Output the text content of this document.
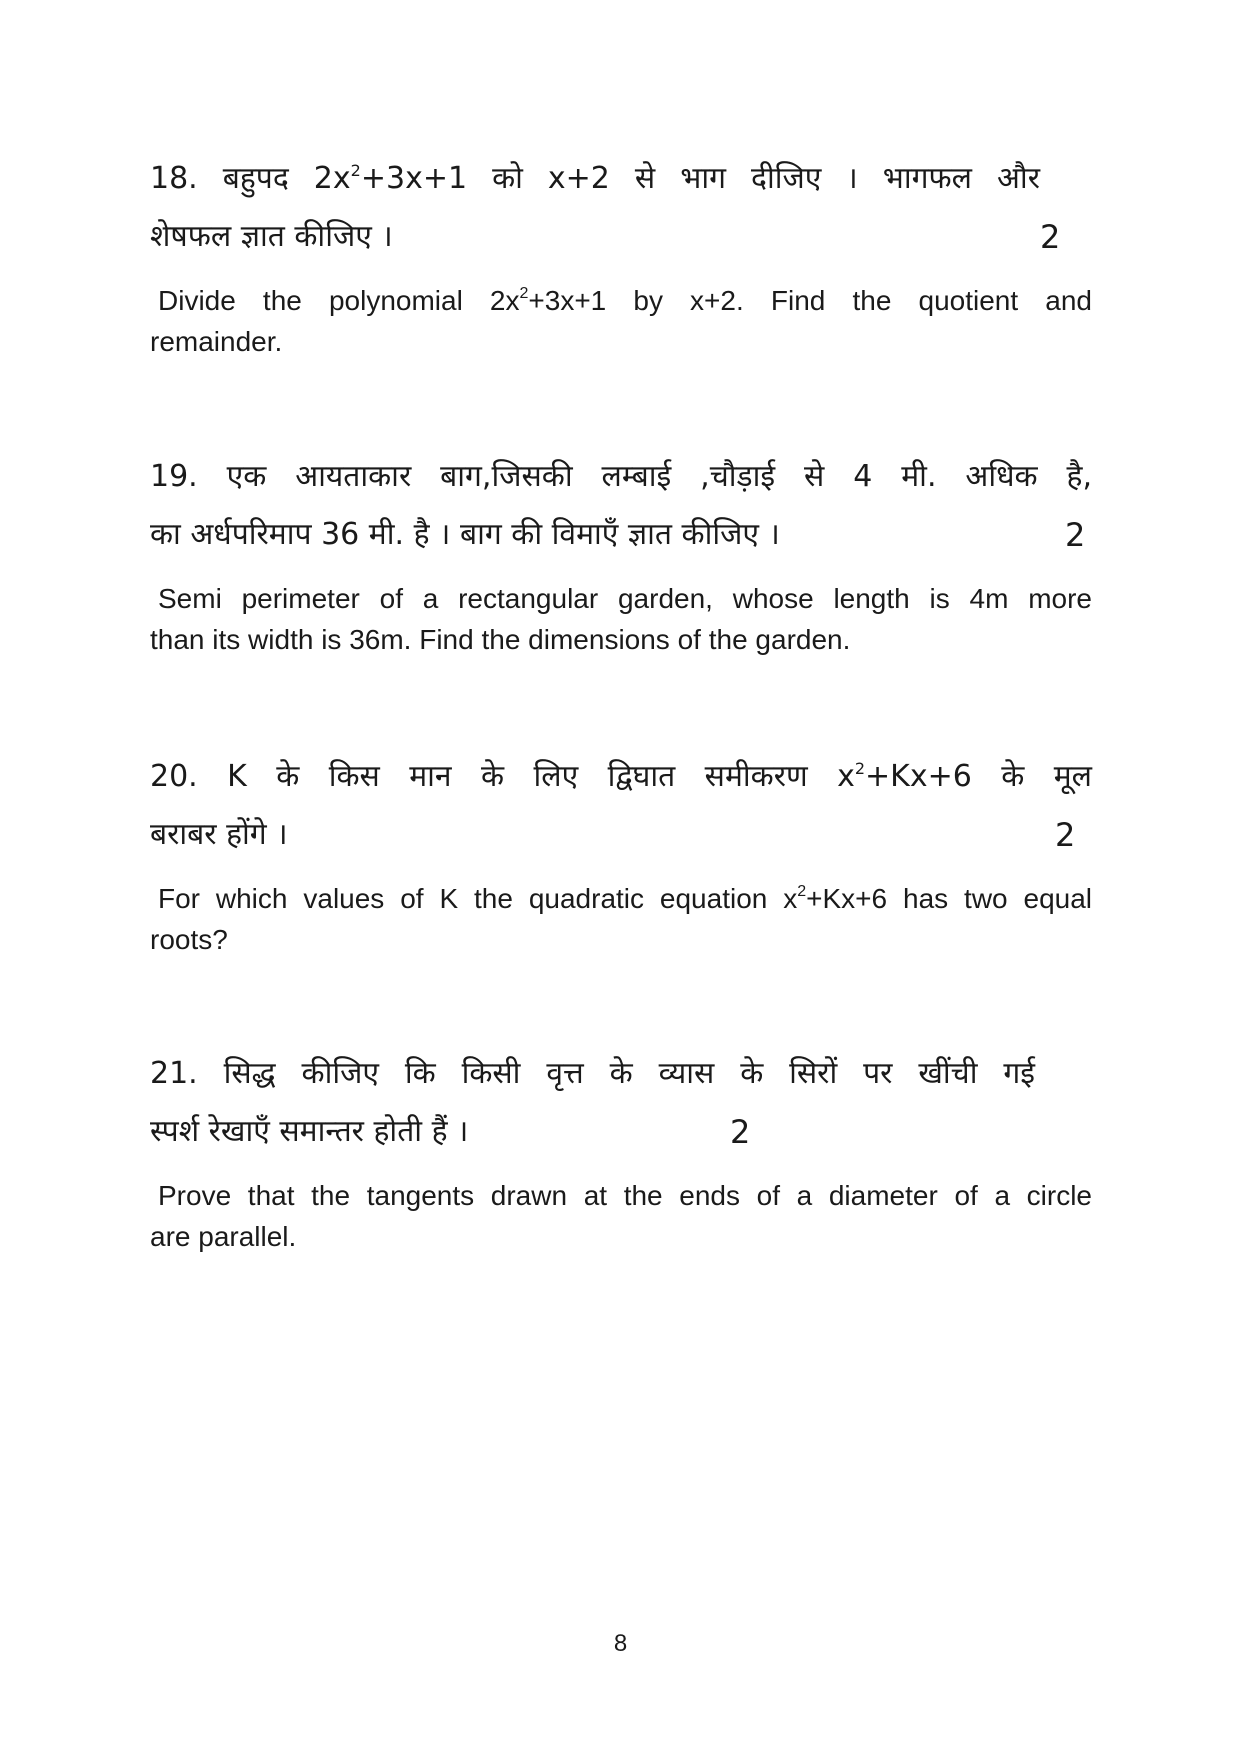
18. बहुपद $2x^2+3x+1$ को x+2 से भाग दीजिए । भागफल और
शेषफल ज्ञात कीजिए ।	2
Divide the polynomial $2x^2+3x+1$ by x+2. Find the quotient and
remainder.
19. एक आयताकार बाग,जिसकी लम्बाई ,चौड़ाई से 4 मी. अधिक है,
का अर्धपरिमाप 36 मी. है । बाग की विमाएँ ज्ञात कीजिए ।	2
Semi perimeter of a rectangular garden, whose length is 4m more
than its width is 36m. Find the dimensions of the garden.
20. K के किस मान के लिए द्विघात समीकरण $x^2+Kx+6$ के मूल
बराबर होंगे ।	2
For which values of K the quadratic equation $x^2+Kx+6$ has two equal
roots?
21. सिद्ध कीजिए कि किसी वृत्त के व्यास के सिरों पर खींची गई
स्पर्श रेखाएँ समान्तर होती हैं ।	2
Prove that the tangents drawn at the ends of a diameter of a circle
are parallel.
8
